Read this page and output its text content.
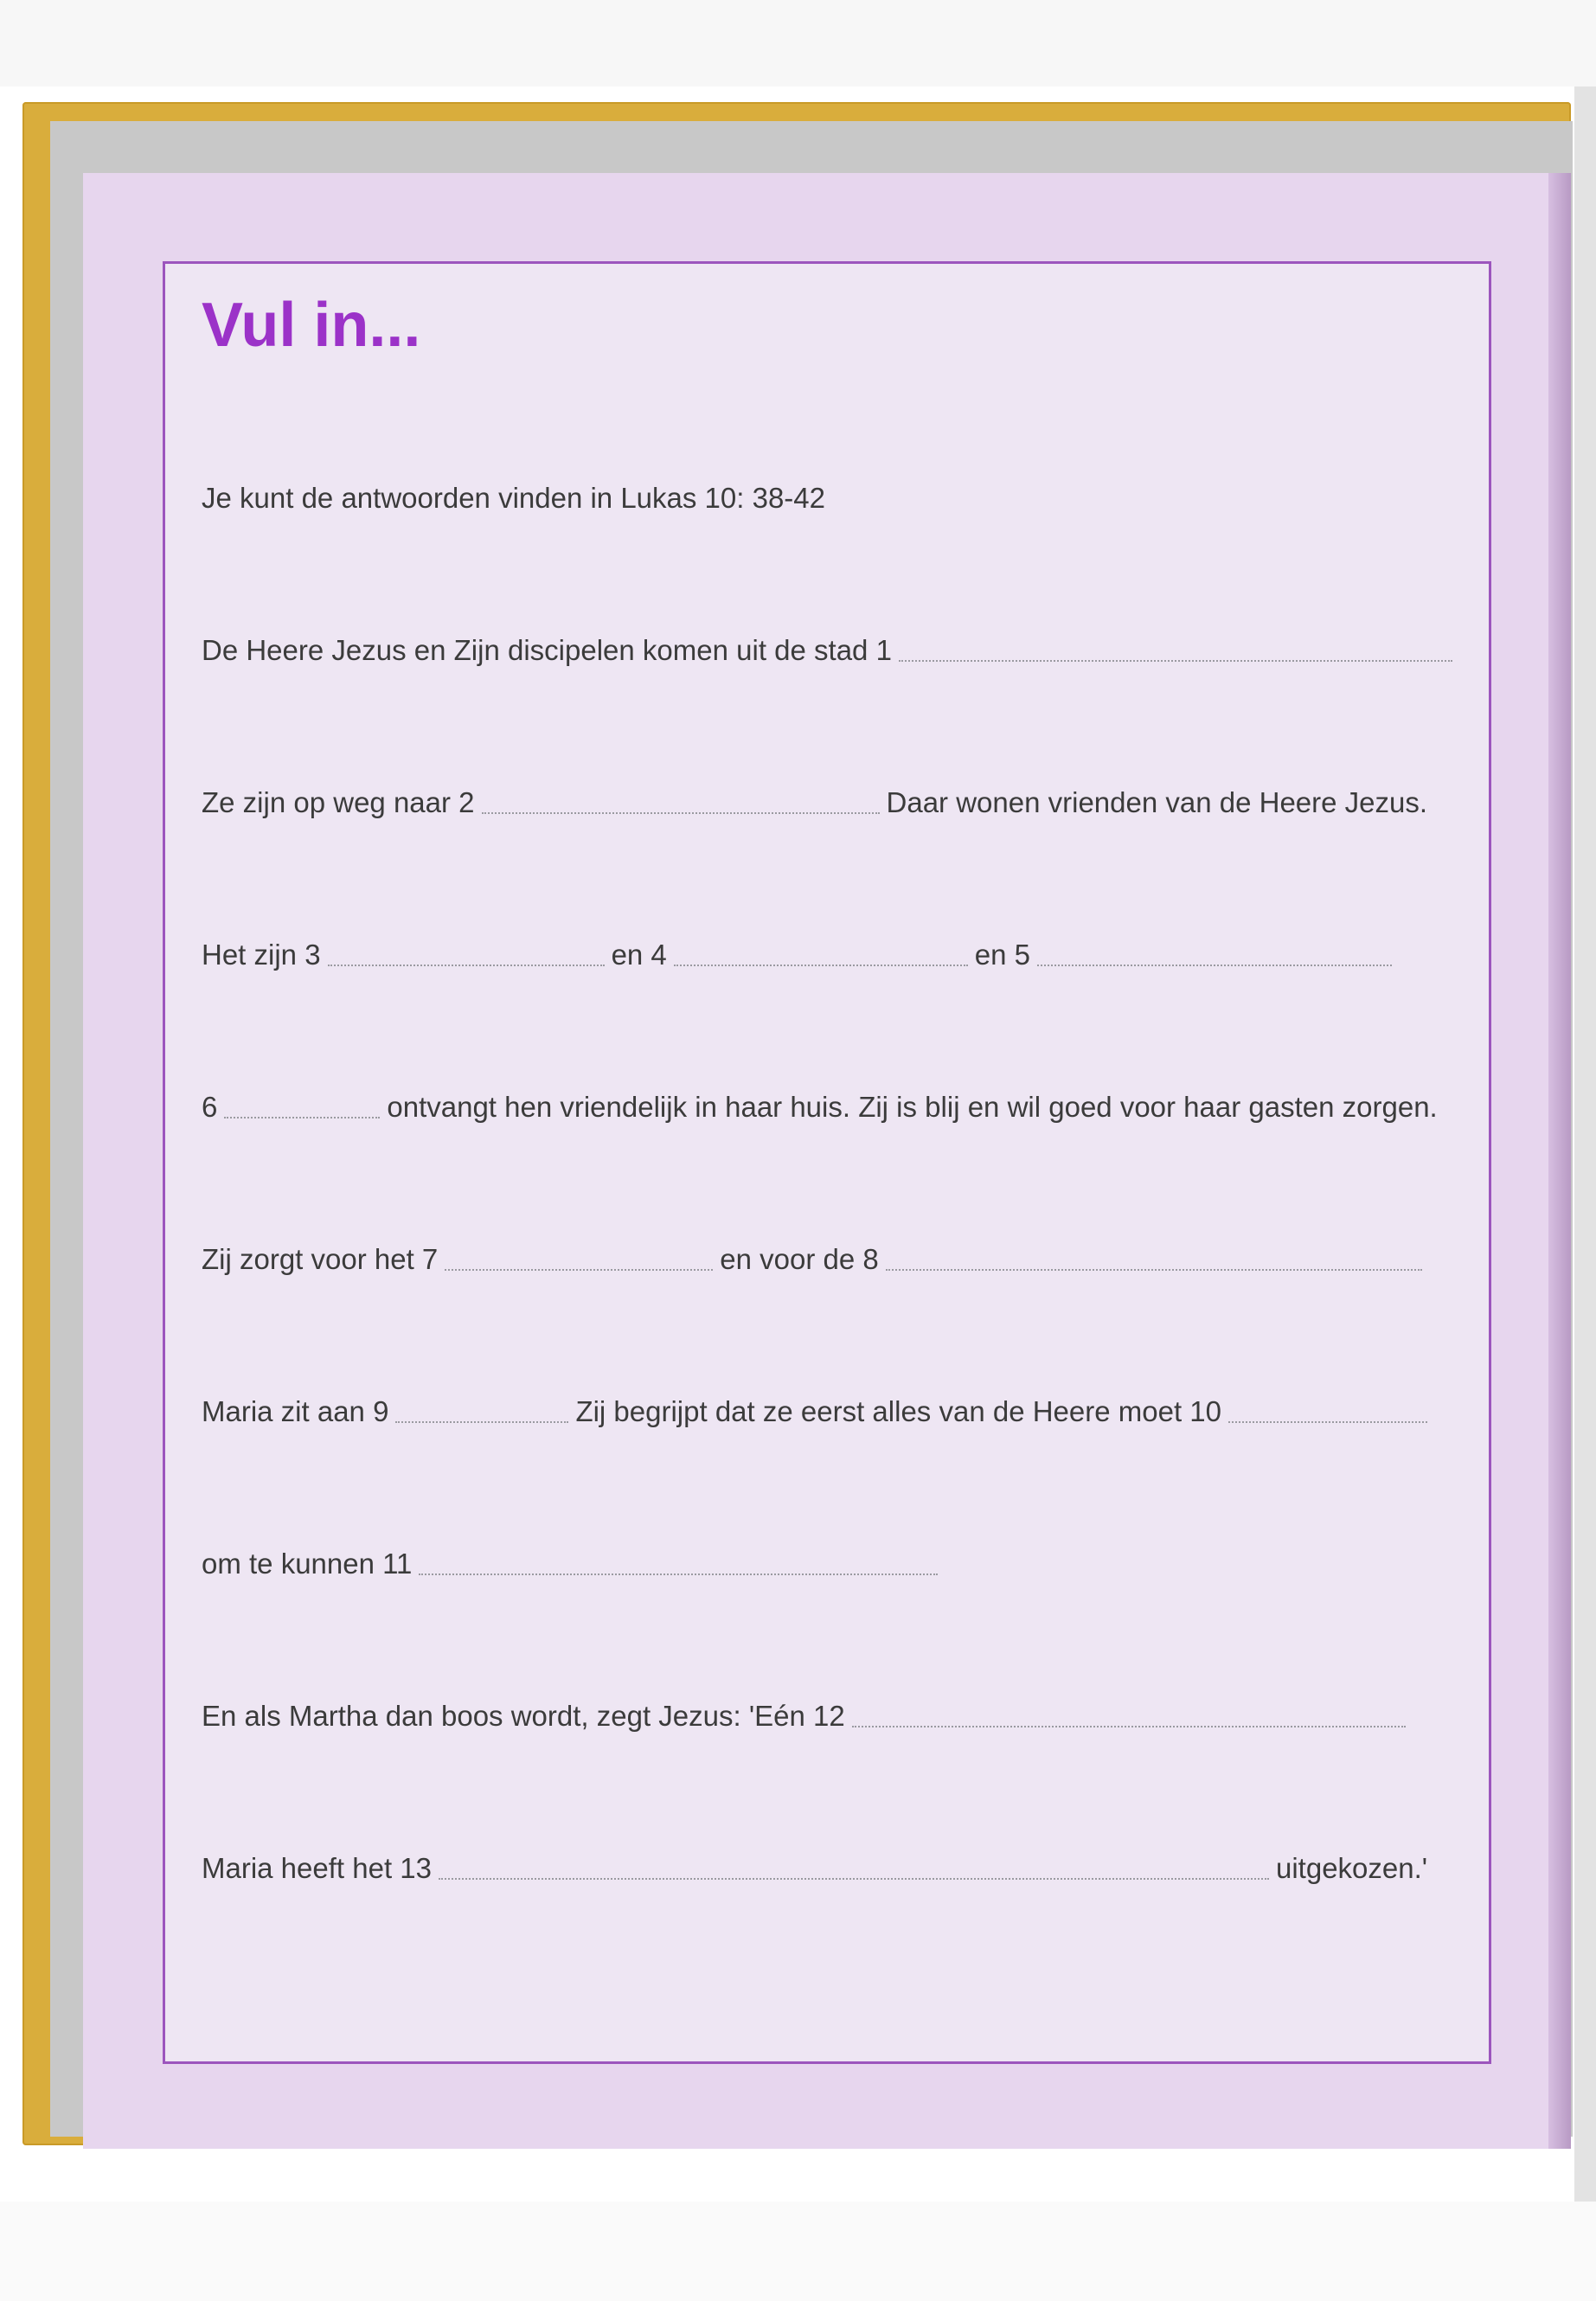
Vul in...
Je kunt de antwoorden vinden in Lukas 10: 38-42
De Heere Jezus en Zijn discipelen komen uit de stad 1
Ze zijn op weg naar 2	Daar wonen vrienden van de Heere Jezus.
Het zijn 3	en 4	en 5
6	ontvangt hen vriendelijk in haar huis. Zij is blij en wil goed voor haar gasten zorgen.
Zij zorgt voor het 7	en voor de 8
Maria zit aan 9	Zij begrijpt dat ze eerst alles van de Heere moet 10
om te kunnen 11
En als Martha dan boos wordt, zegt Jezus: 'Eén 12
Maria heeft het 13	uitgekozen.'
